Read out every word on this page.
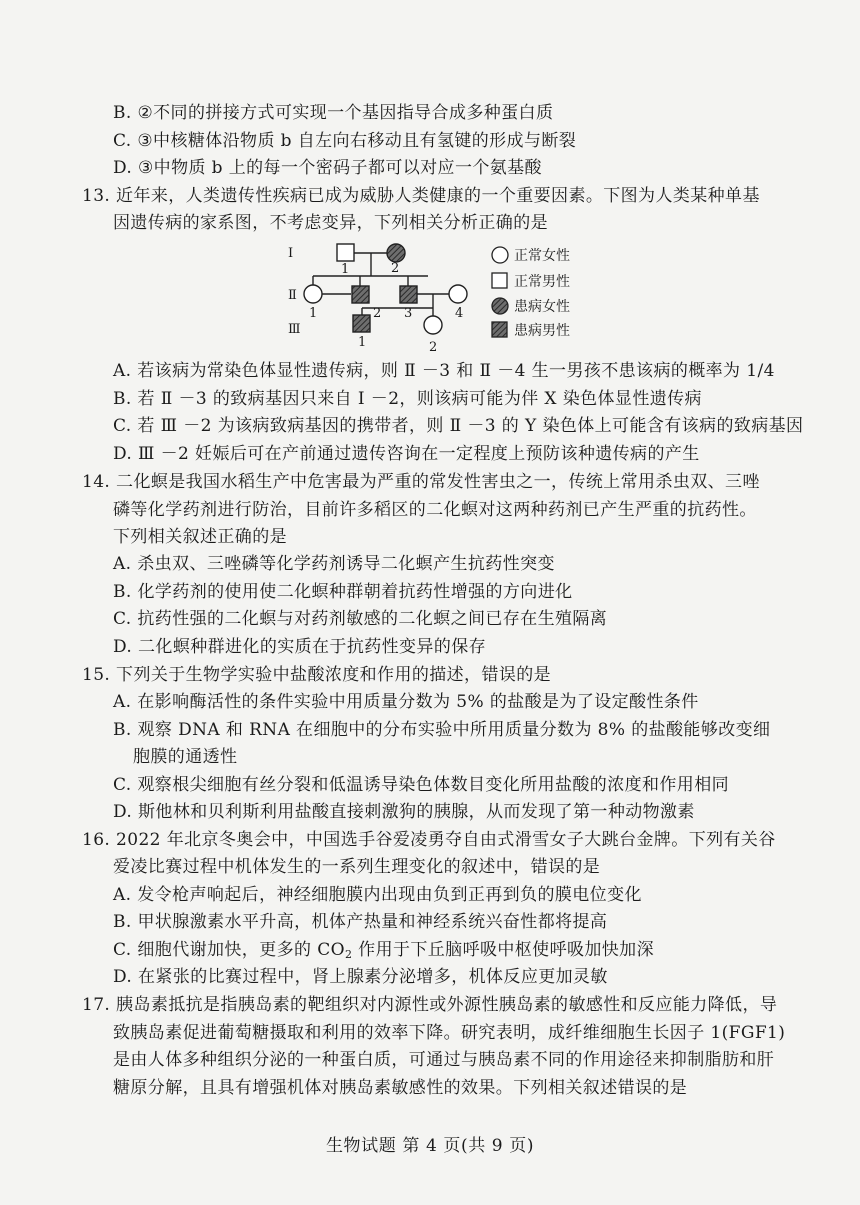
B. ②不同的拼接方式可实现一个基因指导合成多种蛋白质
C. ③中核糖体沿物质 b 自左向右移动且有氢键的形成与断裂
D. ③中物质 b 上的每一个密码子都可以对应一个氨基酸
13. 近年来，人类遗传性疾病已成为威胁人类健康的一个重要因素。下图为人类某种单基
因遗传病的家系图，不考虑变异，下列相关分析正确的是
Ⅰ
Ⅱ
Ⅲ
1	2
1	2 3	4
1	2
正常女性
正常男性
患病女性
患病男性
A. 若该病为常染色体显性遗传病，则 Ⅱ －3 和 Ⅱ －4 生一男孩不患该病的概率为 1/4
B. 若 Ⅱ －3 的致病基因只来自 Ⅰ －2，则该病可能为伴 X 染色体显性遗传病
C. 若 Ⅲ －2 为该病致病基因的携带者，则 Ⅱ －3 的 Y 染色体上可能含有该病的致病基因
D. Ⅲ －2 妊娠后可在产前通过遗传咨询在一定程度上预防该种遗传病的产生
14. 二化螟是我国水稻生产中危害最为严重的常发性害虫之一，传统上常用杀虫双、三唑
磷等化学药剂进行防治，目前许多稻区的二化螟对这两种药剂已产生严重的抗药性。
下列相关叙述正确的是
A. 杀虫双、三唑磷等化学药剂诱导二化螟产生抗药性突变
B. 化学药剂的使用使二化螟种群朝着抗药性增强的方向进化
C. 抗药性强的二化螟与对药剂敏感的二化螟之间已存在生殖隔离
D. 二化螟种群进化的实质在于抗药性变异的保存
15. 下列关于生物学实验中盐酸浓度和作用的描述，错误的是
A. 在影响酶活性的条件实验中用质量分数为 5% 的盐酸是为了设定酸性条件
B. 观察 DNA 和 RNA 在细胞中的分布实验中所用质量分数为 8% 的盐酸能够改变细
胞膜的通透性
C. 观察根尖细胞有丝分裂和低温诱导染色体数目变化所用盐酸的浓度和作用相同
D. 斯他林和贝利斯利用盐酸直接刺激狗的胰腺，从而发现了第一种动物激素
16. 2022 年北京冬奥会中，中国选手谷爱凌勇夺自由式滑雪女子大跳台金牌。下列有关谷
爱凌比赛过程中机体发生的一系列生理变化的叙述中，错误的是
A. 发令枪声响起后，神经细胞膜内出现由负到正再到负的膜电位变化
B. 甲状腺激素水平升高，机体产热量和神经系统兴奋性都将提高
C. 细胞代谢加快，更多的 $CO_2$ 作用于下丘脑呼吸中枢使呼吸加快加深
D. 在紧张的比赛过程中，肾上腺素分泌增多，机体反应更加灵敏
17. 胰岛素抵抗是指胰岛素的靶组织对内源性或外源性胰岛素的敏感性和反应能力降低，导
致胰岛素促进葡萄糖摄取和利用的效率下降。研究表明，成纤维细胞生长因子 1(FGF1)
是由人体多种组织分泌的一种蛋白质，可通过与胰岛素不同的作用途径来抑制脂肪和肝
糖原分解，且具有增强机体对胰岛素敏感性的效果。下列相关叙述错误的是
生物试题 第 4 页(共 9 页)
